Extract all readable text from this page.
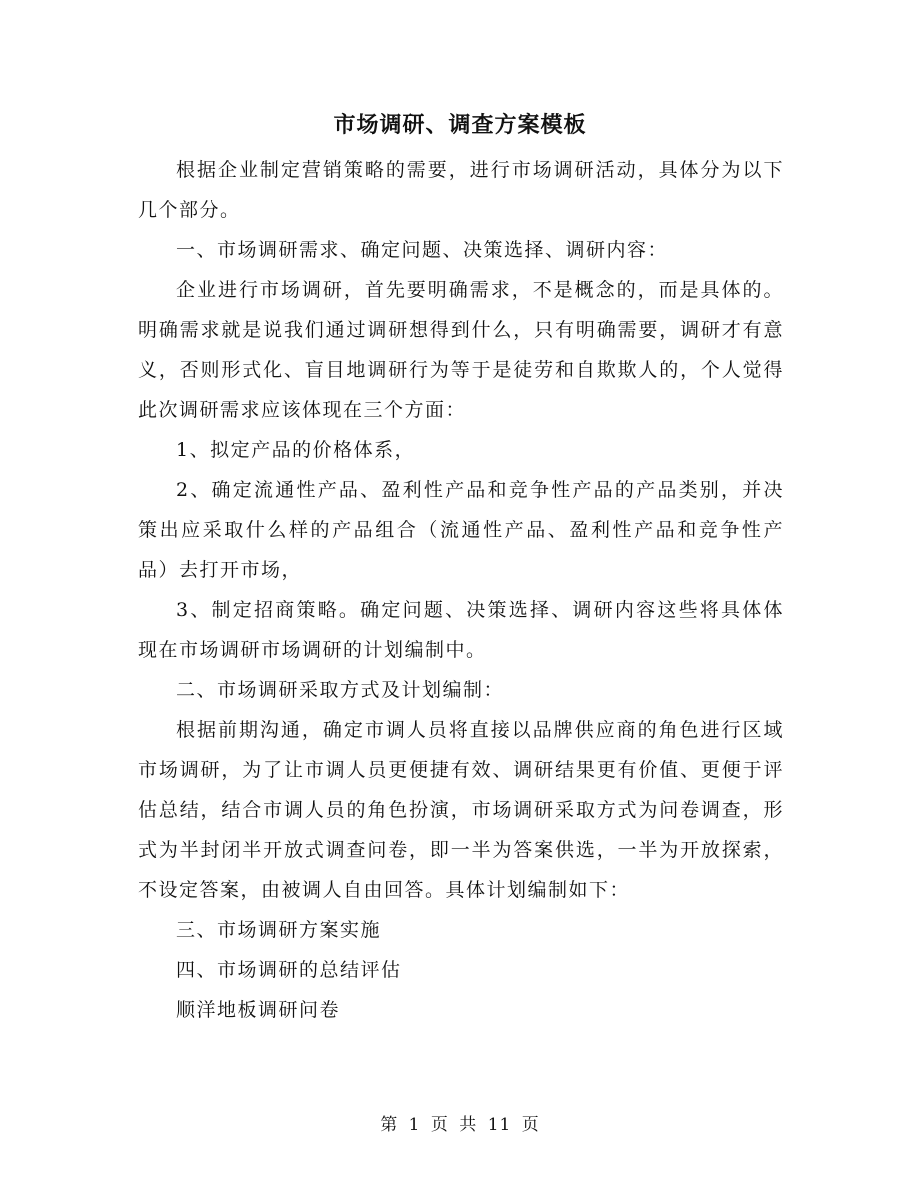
市场调研、调查方案模板

根据企业制定营销策略的需要，进行市场调研活动，具体分为以下几个部分。

一、市场调研需求、确定问题、决策选择、调研内容：

企业进行市场调研，首先要明确需求，不是概念的，而是具体的。明确需求就是说我们通过调研想得到什么，只有明确需要，调研才有意义，否则形式化、盲目地调研行为等于是徒劳和自欺欺人的，个人觉得此次调研需求应该体现在三个方面：

1、拟定产品的价格体系，

2、确定流通性产品、盈利性产品和竞争性产品的产品类别，并决策出应采取什么样的产品组合（流通性产品、盈利性产品和竞争性产品）去打开市场，

3、制定招商策略。确定问题、决策选择、调研内容这些将具体体现在市场调研市场调研的计划编制中。

二、市场调研采取方式及计划编制：

根据前期沟通，确定市调人员将直接以品牌供应商的角色进行区域市场调研，为了让市调人员更便捷有效、调研结果更有价值、更便于评估总结，结合市调人员的角色扮演，市场调研采取方式为问卷调查，形式为半封闭半开放式调查问卷，即一半为答案供选，一半为开放探索，不设定答案，由被调人自由回答。具体计划编制如下：

三、市场调研方案实施

四、市场调研的总结评估

顺洋地板调研问卷

第 1 页 共 11 页
